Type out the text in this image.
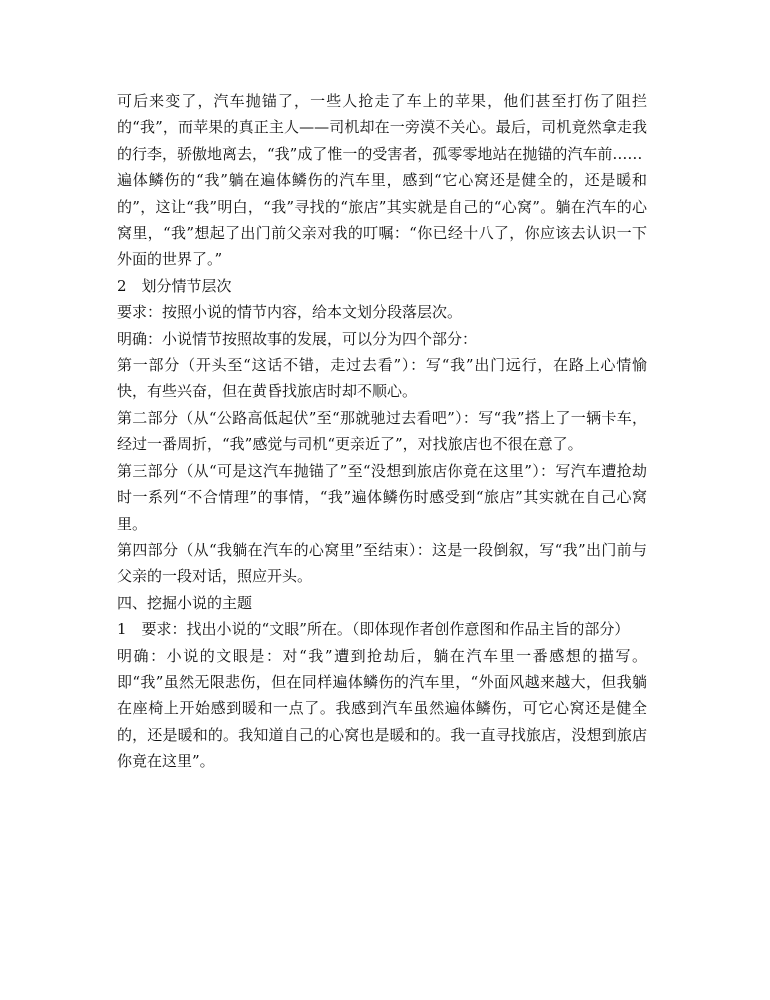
可后来变了，汽车抛锚了，一些人抢走了车上的苹果，他们甚至打伤了阻拦的“我”，而苹果的真正主人——司机却在一旁漠不关心。最后，司机竟然拿走我的行李，骄傲地离去，“我”成了惟一的受害者，孤零零地站在抛锚的汽车前……

遍体鳞伤的“我”躺在遍体鳞伤的汽车里，感到“它心窝还是健全的，还是暖和的”，这让“我”明白，“我”寻找的“旅店”其实就是自己的“心窝”。躺在汽车的心窝里，“我”想起了出门前父亲对我的叮嘱：“你已经十八了，你应该去认识一下外面的世界了。”

2　划分情节层次

要求：按照小说的情节内容，给本文划分段落层次。

明确：小说情节按照故事的发展，可以分为四个部分：

第一部分（开头至“这话不错，走过去看”）：写“我”出门远行，在路上心情愉快，有些兴奋，但在黄昏找旅店时却不顺心。

第二部分（从“公路高低起伏”至“那就驰过去看吧”）：写“我”搭上了一辆卡车，经过一番周折，“我”感觉与司机“更亲近了”，对找旅店也不很在意了。

第三部分（从“可是这汽车抛锚了”至“没想到旅店你竟在这里”）：写汽车遭抢劫时一系列“不合情理”的事情，“我”遍体鳞伤时感受到“旅店”其实就在自己心窝里。

第四部分（从“我躺在汽车的心窝里”至结束）：这是一段倒叙，写“我”出门前与父亲的一段对话，照应开头。

四、挖掘小说的主题

1　要求：找出小说的“文眼”所在。（即体现作者创作意图和作品主旨的部分）

明确：小说的文眼是：对“我”遭到抢劫后，躺在汽车里一番感想的描写。即“我”虽然无限悲伤，但在同样遍体鳞伤的汽车里，“外面风越来越大，但我躺在座椅上开始感到暖和一点了。我感到汽车虽然遍体鳞伤，可它心窝还是健全的，还是暖和的。我知道自己的心窝也是暖和的。我一直寻找旅店，没想到旅店你竟在这里”。
